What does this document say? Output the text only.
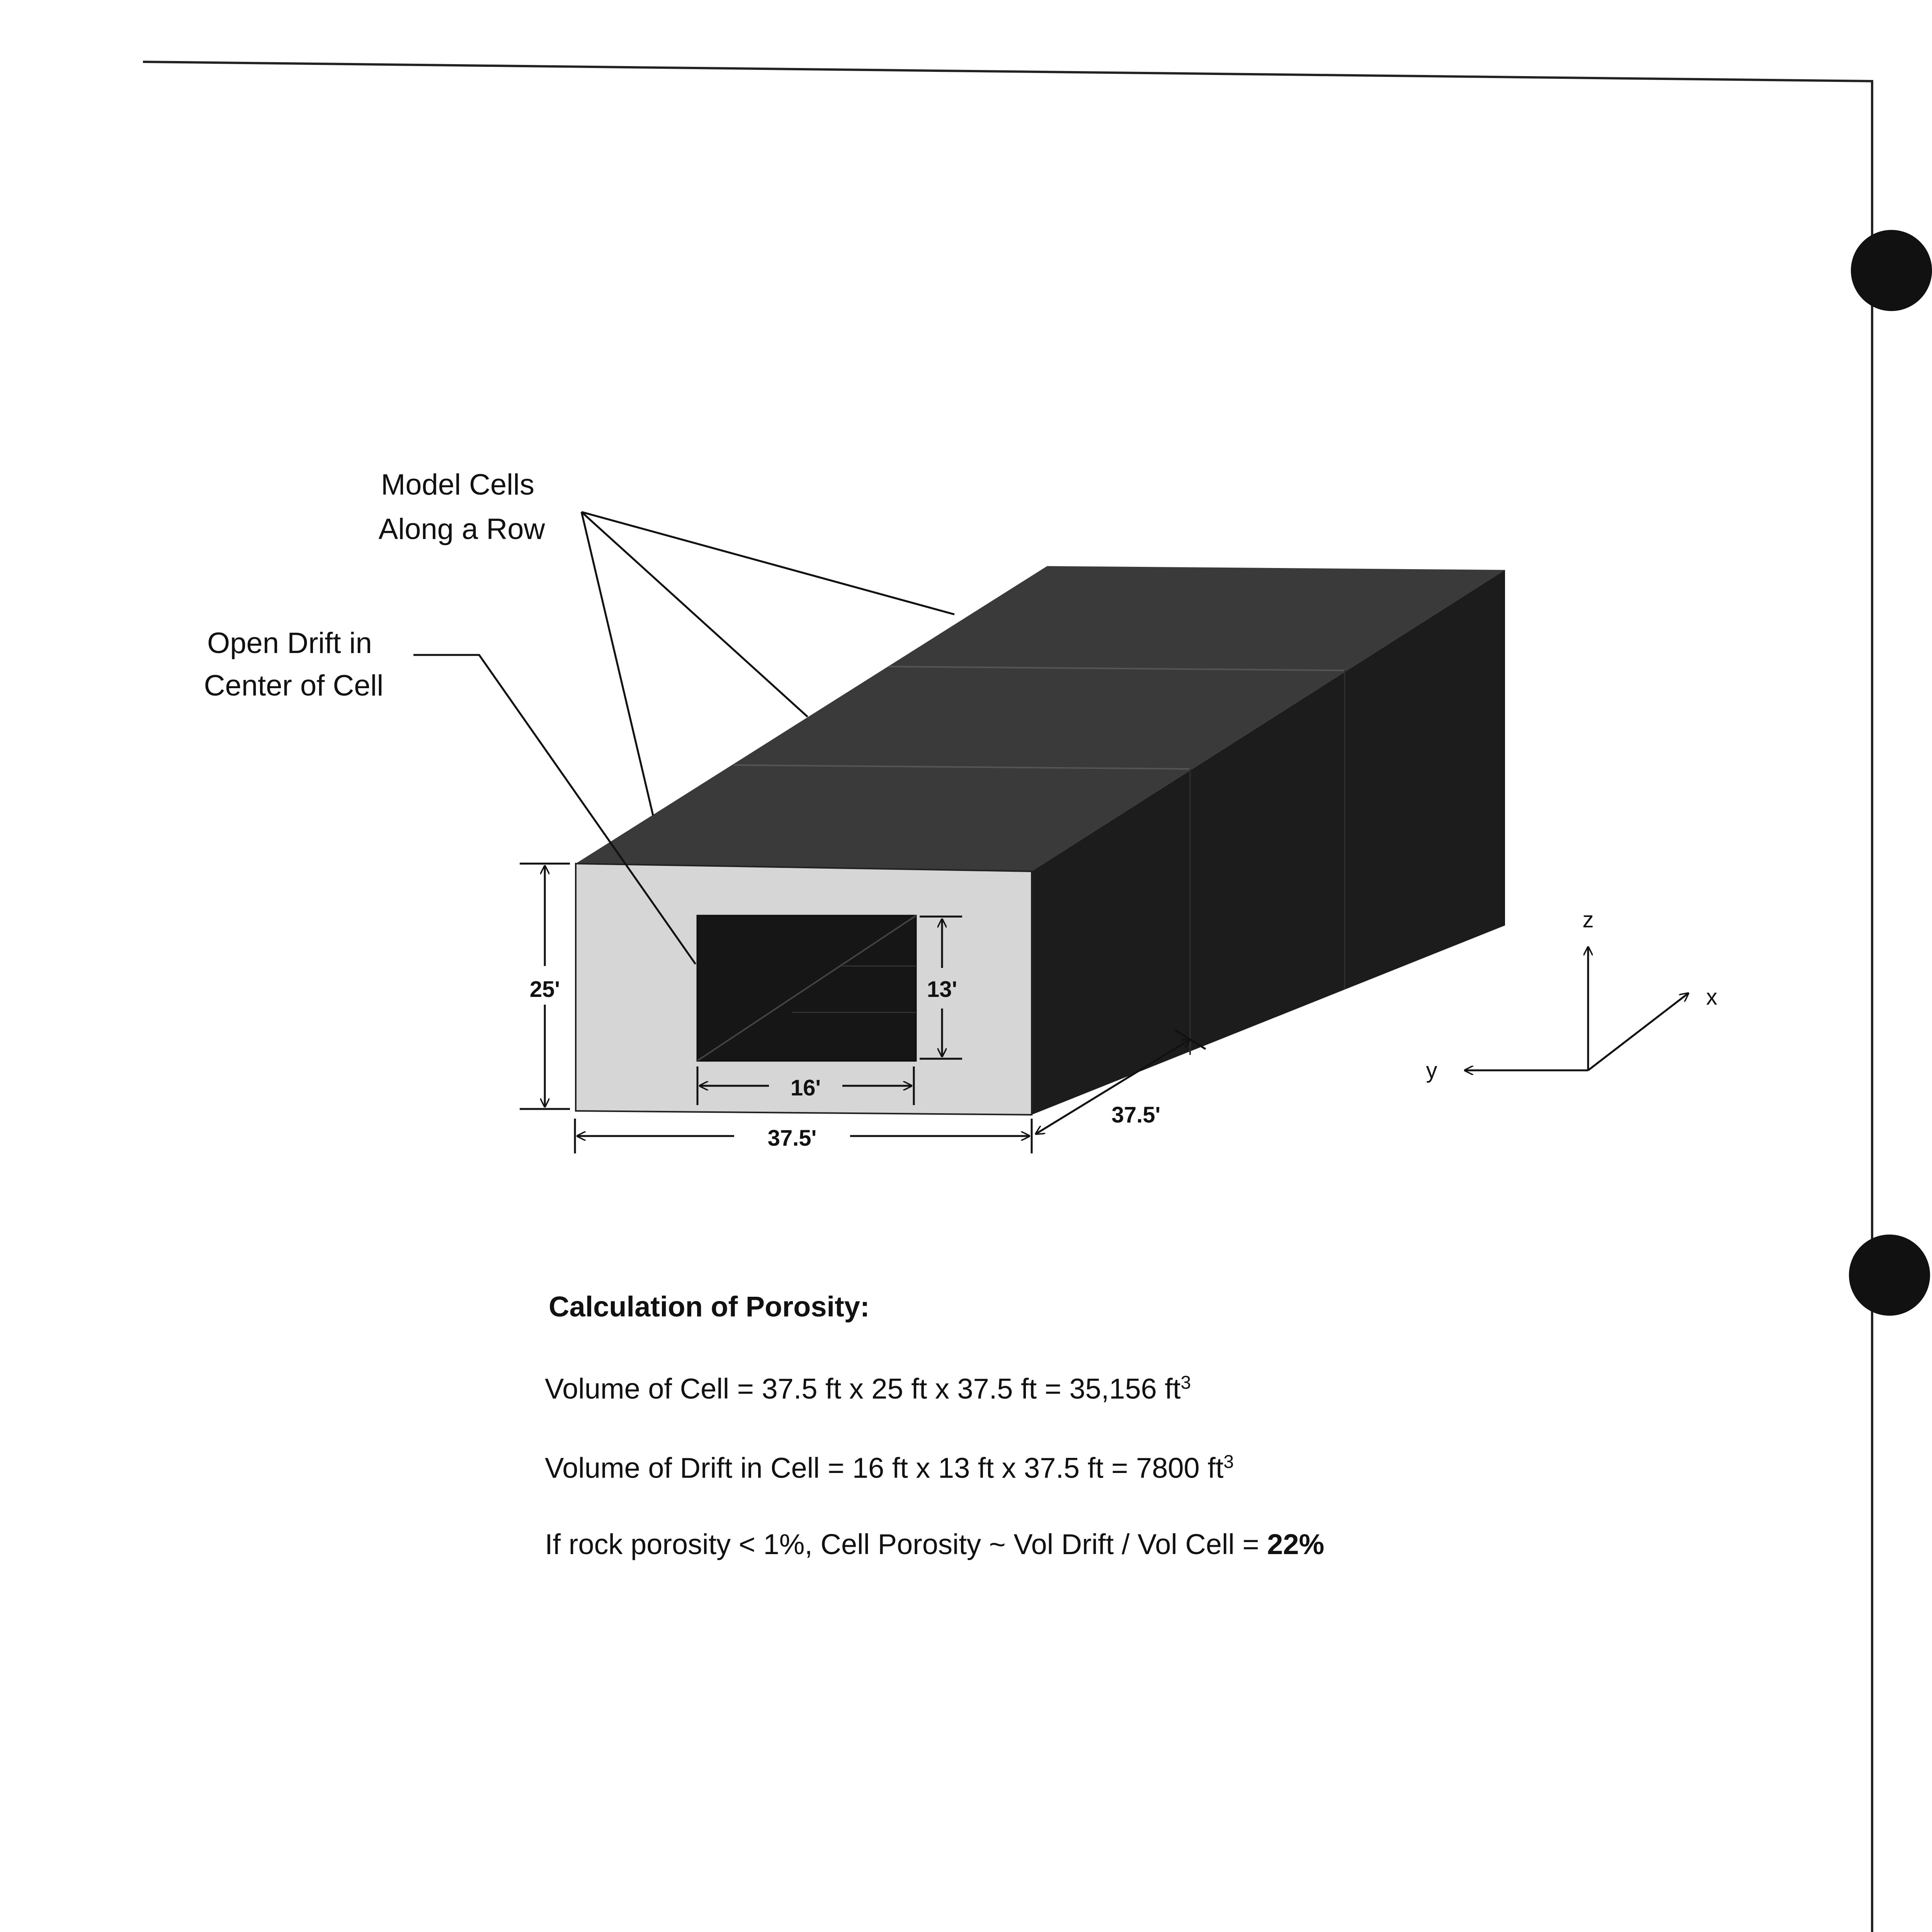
Model Cells Along a Row
Open Drift in Center of Cell
25'	13'
16'
37.5'
37.5'
z
y
x
Calculation of Porosity:
Volume of Cell = 37.5 ft x 25 ft x 37.5 ft = 35,156 $ft^3$
Volume of Drift in Cell = 16 ft x 13 ft x 37.5 ft = 7800 $ft^3$
If rock porosity < 1%, Cell Porosity ~ Vol Drift / Vol Cell = 22%
